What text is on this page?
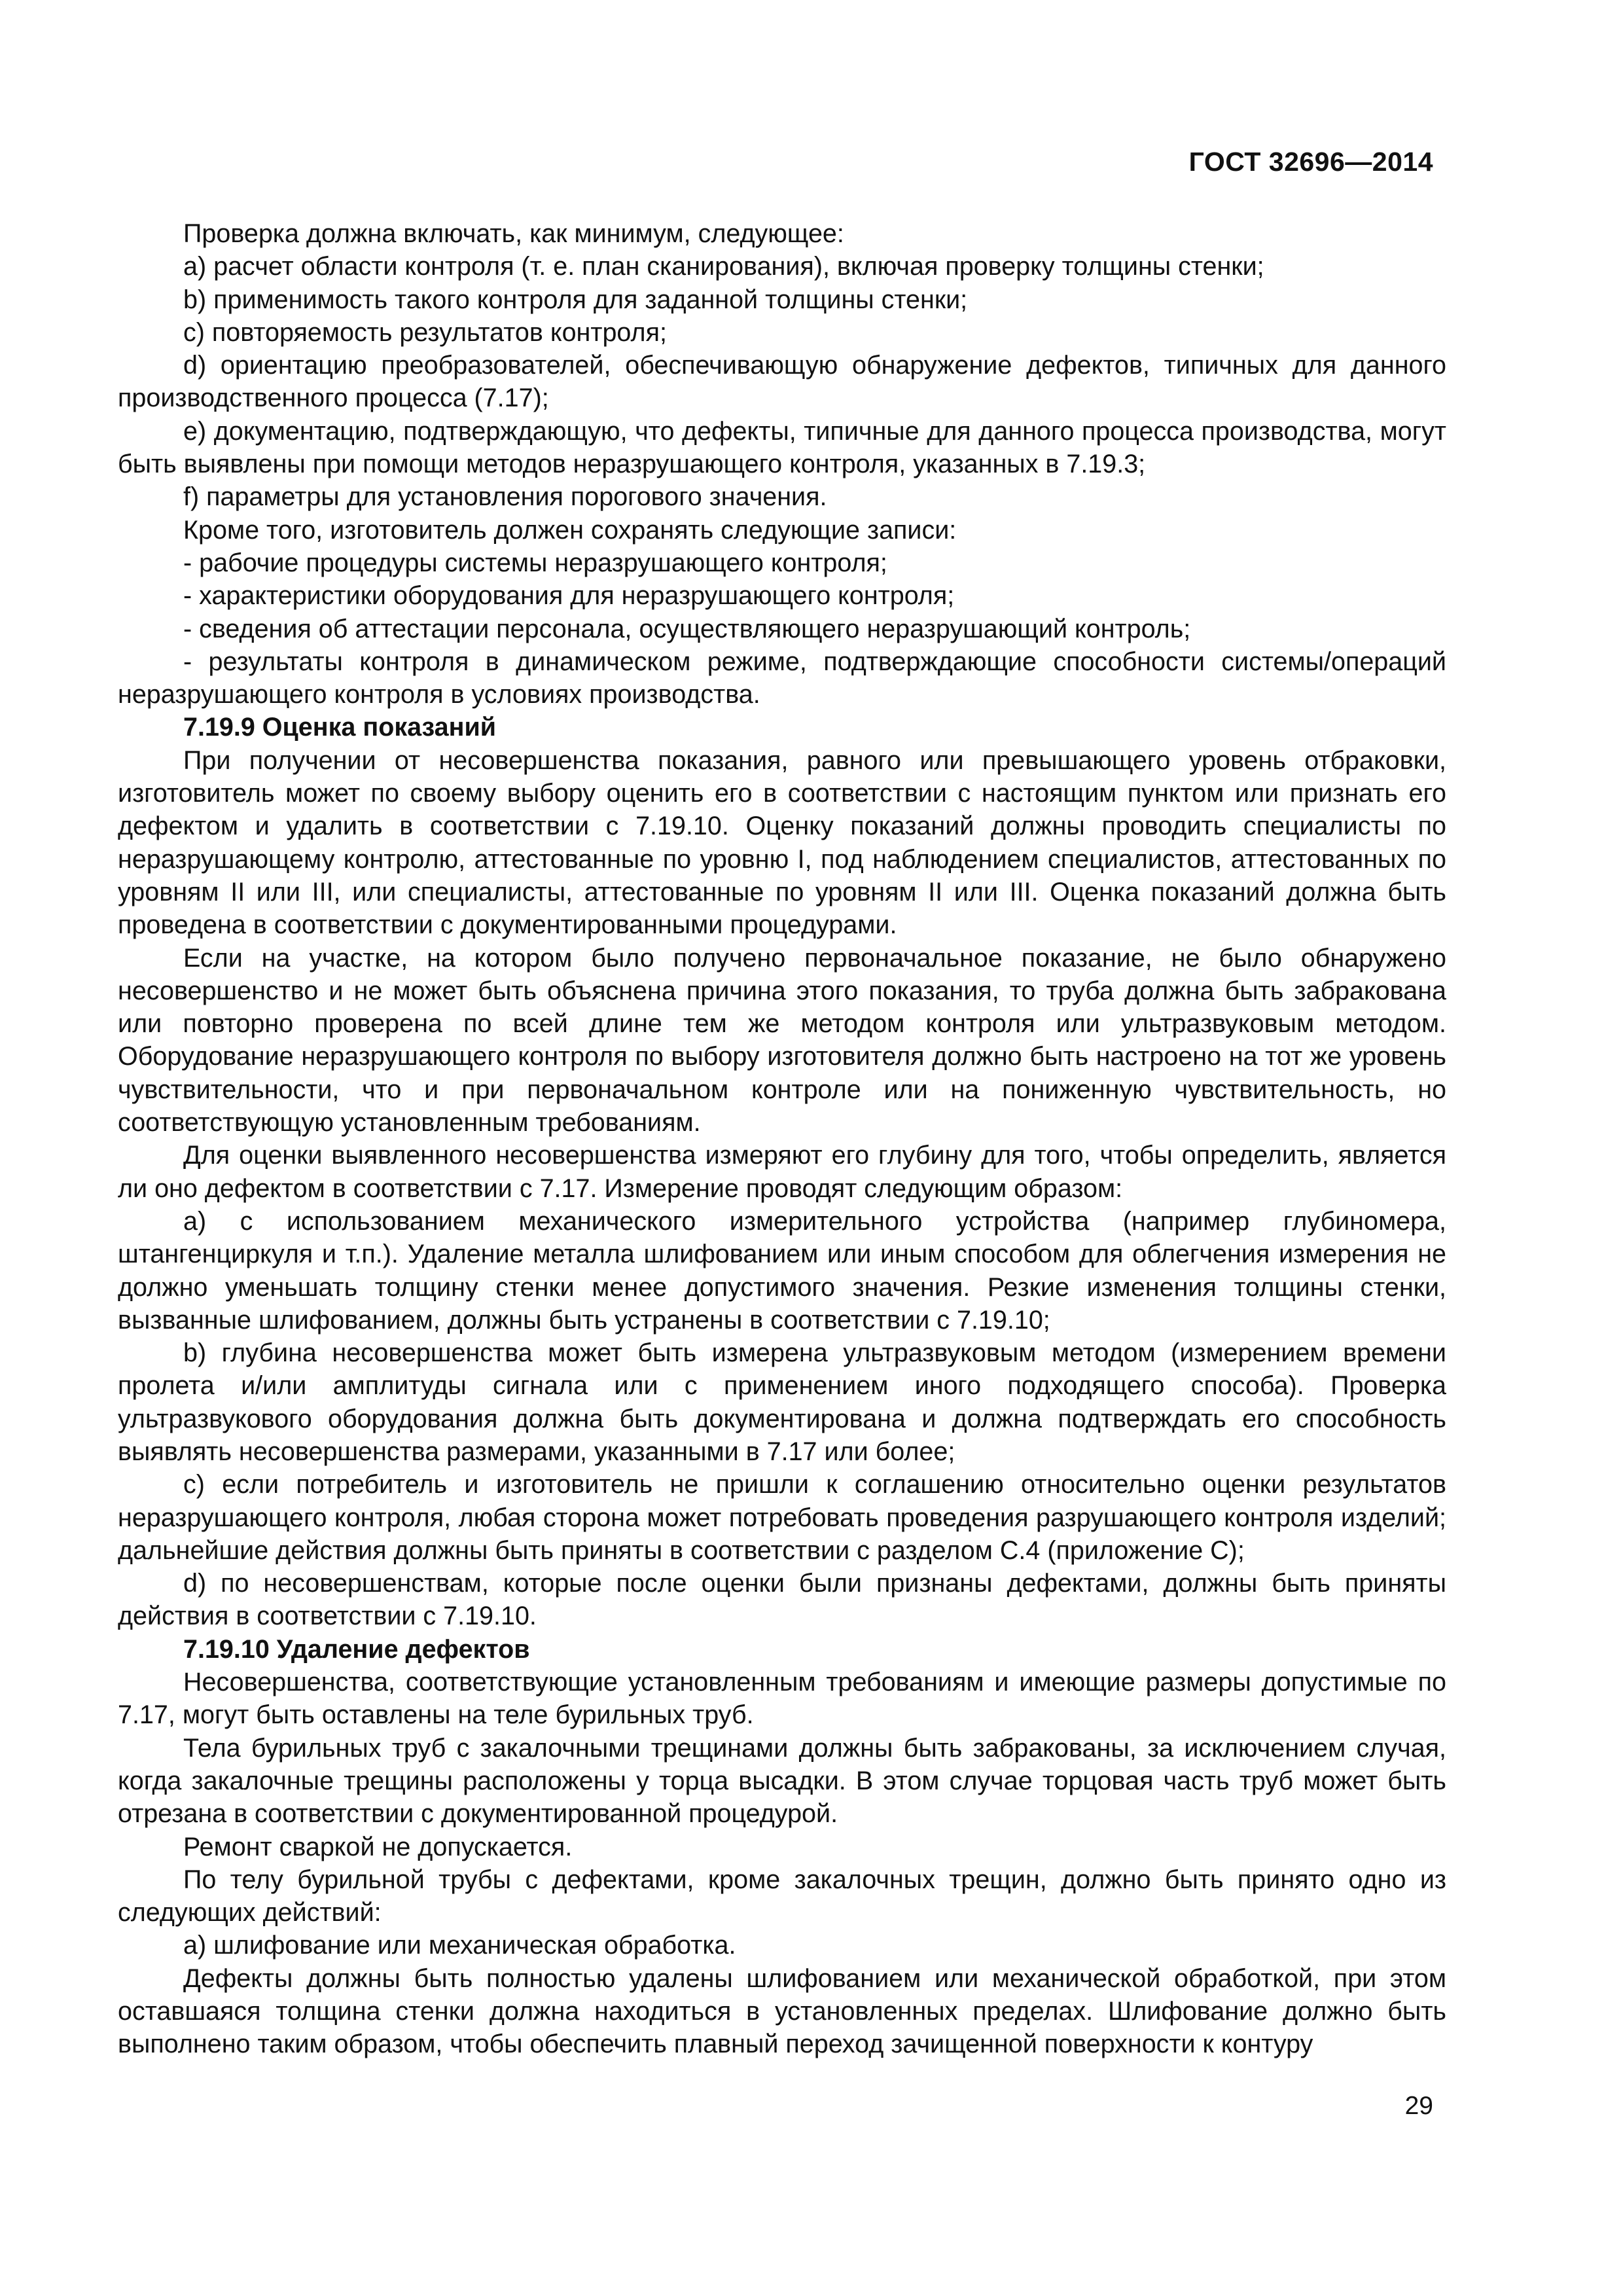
ГОСТ 32696—2014

Проверка должна включать, как минимум, следующее:

a) расчет области контроля (т. е. план сканирования), включая проверку толщины стенки;

b) применимость такого контроля для заданной толщины стенки;

c) повторяемость результатов контроля;

d) ориентацию преобразователей, обеспечивающую обнаружение дефектов, типичных для данного производственного процесса (7.17);

e) документацию, подтверждающую, что дефекты, типичные для данного процесса производства, могут быть выявлены при помощи методов неразрушающего контроля, указанных в 7.19.3;

f) параметры для установления порогового значения.

Кроме того, изготовитель должен сохранять следующие записи:

- рабочие процедуры системы неразрушающего контроля;

- характеристики оборудования для неразрушающего контроля;

- сведения об аттестации персонала, осуществляющего неразрушающий контроль;

- результаты контроля в динамическом режиме, подтверждающие способности системы/операций неразрушающего контроля в условиях производства.

7.19.9 Оценка показаний

При получении от несовершенства показания, равного или превышающего уровень отбраковки, изготовитель может по своему выбору оценить его в соответствии с настоящим пунктом или признать его дефектом и удалить в соответствии с 7.19.10. Оценку показаний должны проводить специалисты по неразрушающему контролю, аттестованные по уровню I, под наблюдением специалистов, аттестованных по уровням II или III, или специалисты, аттестованные по уровням II или III. Оценка показаний должна быть проведена в соответствии с документированными процедурами.

Если на участке, на котором было получено первоначальное показание, не было обнаружено несовершенство и не может быть объяснена причина этого показания, то труба должна быть забракована или повторно проверена по всей длине тем же методом контроля или ультразвуковым методом. Оборудование неразрушающего контроля по выбору изготовителя должно быть настроено на тот же уровень чувствительности, что и при первоначальном контроле или на пониженную чувствительность, но соответствующую установленным требованиям.

Для оценки выявленного несовершенства измеряют его глубину для того, чтобы определить, является ли оно дефектом в соответствии с 7.17. Измерение проводят следующим образом:

a) с использованием механического измерительного устройства (например глубиномера, штангенциркуля и т.п.). Удаление металла шлифованием или иным способом для облегчения измерения не должно уменьшать толщину стенки менее допустимого значения. Резкие изменения толщины стенки, вызванные шлифованием, должны быть устранены в соответствии с 7.19.10;

b) глубина несовершенства может быть измерена ультразвуковым методом (измерением времени пролета и/или амплитуды сигнала или с применением иного подходящего способа). Проверка ультразвукового оборудования должна быть документирована и должна подтверждать его способность выявлять несовершенства размерами, указанными в 7.17 или более;

c) если потребитель и изготовитель не пришли к соглашению относительно оценки результатов неразрушающего контроля, любая сторона может потребовать проведения разрушающего контроля изделий; дальнейшие действия должны быть приняты в соответствии с разделом C.4 (приложение C);

d) по несовершенствам, которые после оценки были признаны дефектами, должны быть приняты действия в соответствии с 7.19.10.

7.19.10 Удаление дефектов

Несовершенства, соответствующие установленным требованиям и имеющие размеры допустимые по 7.17, могут быть оставлены на теле бурильных труб.

Тела бурильных труб с закалочными трещинами должны быть забракованы, за исключением случая, когда закалочные трещины расположены у торца высадки. В этом случае торцовая часть труб может быть отрезана в соответствии с документированной процедурой.

Ремонт сваркой не допускается.

По телу бурильной трубы с дефектами, кроме закалочных трещин, должно быть принято одно из следующих действий:

a) шлифование или механическая обработка.

Дефекты должны быть полностью удалены шлифованием или механической обработкой, при этом оставшаяся толщина стенки должна находиться в установленных пределах. Шлифование должно быть выполнено таким образом, чтобы обеспечить плавный переход зачищенной поверхности к контуру

29
